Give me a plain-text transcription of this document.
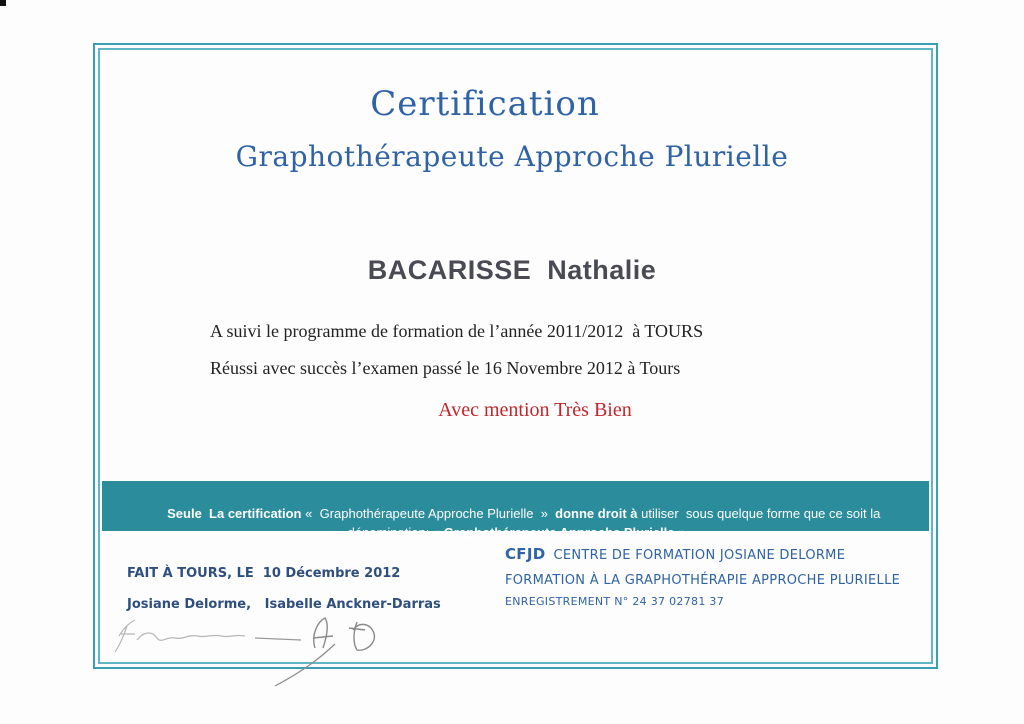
Certification
Graphothérapeute Approche Plurielle
BACARISSE  Nathalie
A suivi le programme de formation de l’année 2011/2012  à TOURS
Réussi avec succès l’examen passé le 16 Novembre 2012 à Tours
Avec mention Très Bien

Seule  La certification «  Graphothérapeute Approche Plurielle  »  donne droit à utiliser  sous quelque forme que ce soit la dénomination: « Graphothérapeute Approche Plurielle »

FAIT À TOURS, LE  10 Décembre 2012
Josiane Delorme,   Isabelle Anckner-Darras
CFJD CENTRE DE FORMATION JOSIANE DELORME
FORMATION À LA GRAPHOTHÉRAPIE APPROCHE PLURIELLE
ENREGISTREMENT N° 24 37 02781 37
